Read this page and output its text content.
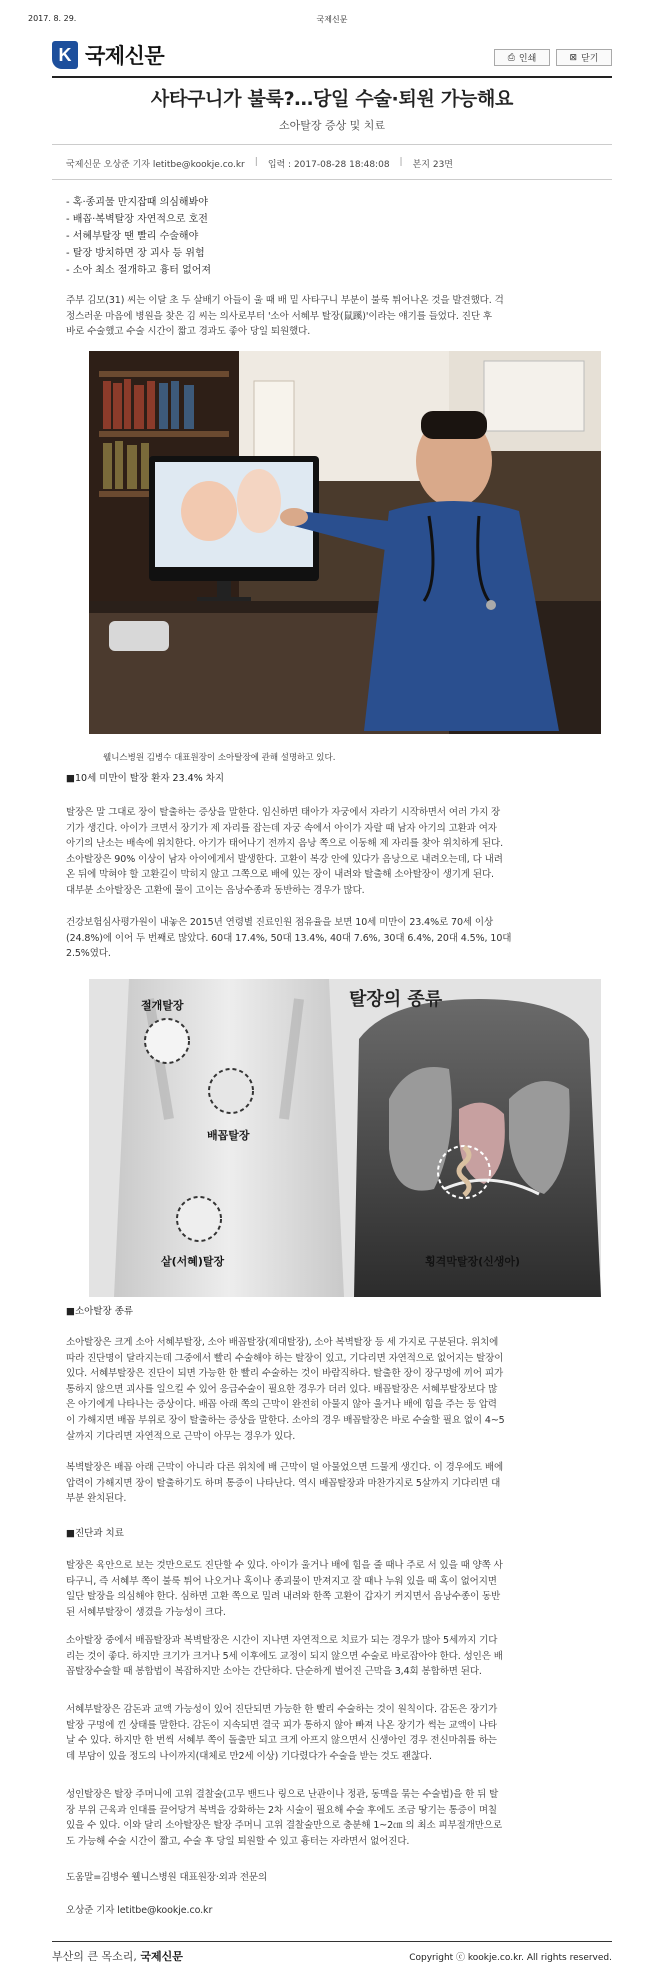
2017. 8. 29.	국제신문
K 국제신문	⎙ 인쇄	⊠ 닫기
사타구니가 불룩?…당일 수술·퇴원 가능해요
소아탈장 증상 및 치료
국제신문 오상준 기자 letitbe@kookje.co.kr | 입력 : 2017-08-28 18:48:08 | 본지 23면
- 혹·종괴물 만지잡때 의심해봐야
- 배꼽·복벽탈장 자연적으로 호전
- 서혜부탈장 땐 빨리 수술해야
- 탈장 방치하면 장 괴사 등 위험
- 소아 최소 절개하고 흉터 없어져
주부 김모(31) 씨는 이달 초 두 살배기 아들이 울 때 배 밑 사타구니 부분이 불룩 튀어나온 것을 발견했다. 걱
정스러운 마음에 병원을 찾은 김 씨는 의사로부터 '소아 서혜부 탈장(鼠蹊)'이라는 얘기를 들었다. 진단 후
바로 수술했고 수술 시간이 짧고 경과도 좋아 당일 퇴원했다.
웰니스병원 김병수 대표원장이 소아탈장에 관해 설명하고 있다.
■10세 미만이 탈장 환자 23.4% 차지
탈장은 말 그대로 장이 탈출하는 증상을 말한다. 임신하면 태아가 자궁에서 자라기 시작하면서 여러 가지 장
기가 생긴다. 아이가 크면서 장기가 제 자리를 잡는데 자궁 속에서 아이가 자랄 때 남자 아기의 고환과 여자
아기의 난소는 배속에 위치한다. 아기가 태어나기 전까지 음낭 쪽으로 이동해 제 자리를 찾아 위치하게 된다.
소아탈장은 90% 이상이 남자 아이에게서 발생한다. 고환이 복강 안에 있다가 음낭으로 내려오는데, 다 내려
온 뒤에 막혀야 할 고환길이 막히지 않고 그쪽으로 배에 있는 장이 내려와 탈출해 소아탈장이 생기게 된다.
대부분 소아탈장은 고환에 물이 고이는 음낭수종과 동반하는 경우가 많다.
건강보험심사평가원이 내놓은 2015년 연령별 진료인원 점유율을 보면 10세 미만이 23.4%로 70세 이상
(24.8%)에 이어 두 번째로 많았다. 60대 17.4%, 50대 13.4%, 40대 7.6%, 30대 6.4%, 20대 4.5%, 10대
2.5%였다.
탈장의 종류
절개탈장
배꼽탈장
샅(서혜)탈장	횡격막탈장(신생아)
■소아탈장 종류
소아탈장은 크게 소아 서혜부탈장, 소아 배꼽탈장(제대탈장), 소아 복벽탈장 등 세 가지로 구분된다. 위치에
따라 진단명이 달라지는데 그중에서 빨리 수술해야 하는 탈장이 있고, 기다리면 자연적으로 없어지는 탈장이
있다. 서혜부탈장은 진단이 되면 가능한 한 빨리 수술하는 것이 바람직하다. 탈출한 장이 장구멍에 끼어 피가
통하지 않으면 괴사를 일으킬 수 있어 응급수술이 필요한 경우가 더러 있다. 배꼽탈장은 서혜부탈장보다 많
은 아기에게 나타나는 증상이다. 배꼽 아래 쪽의 근막이 완전히 아물지 않아 울거나 배에 힘을 주는 등 압력
이 가해지면 배꼽 부위로 장이 탈출하는 증상을 말한다. 소아의 경우 배꼽탈장은 바로 수술할 필요 없이 4~5
살까지 기다리면 자연적으로 근막이 아무는 경우가 있다.
복벽탈장은 배꼽 아래 근막이 아니라 다른 위치에 배 근막이 덜 아물었으면 드물게 생긴다. 이 경우에도 배에
압력이 가해지면 장이 탈출하기도 하며 통증이 나타난다. 역시 배꼽탈장과 마찬가지로 5살까지 기다리면 대
부분 완치된다.
■진단과 치료
탈장은 육안으로 보는 것만으로도 진단할 수 있다. 아이가 울거나 배에 힘을 줄 때나 주로 서 있을 때 양쪽 사
타구니, 즉 서혜부 쪽이 불룩 튀어 나오거나 혹이나 종괴물이 만져지고 잘 때나 누워 있을 때 혹이 없어지면
일단 탈장을 의심해야 한다. 심하면 고환 쪽으로 밀려 내려와 한쪽 고환이 갑자기 커지면서 음낭수종이 동반
된 서혜부탈장이 생겼을 가능성이 크다.
소아탈장 중에서 배꼽탈장과 복벽탈장은 시간이 지나면 자연적으로 치료가 되는 경우가 많아 5세까지 기다
리는 것이 좋다. 하지만 크기가 크거나 5세 이후에도 교정이 되지 않으면 수술로 바로잡아야 한다. 성인은 배
꼽탈장수술할 때 봉합법이 복잡하지만 소아는 간단하다. 단순하게 벌어진 근막을 3,4회 봉합하면 된다.
서혜부탈장은 감돈과 교액 가능성이 있어 진단되면 가능한 한 빨리 수술하는 것이 원칙이다. 감돈은 장기가
탈장 구멍에 낀 상태를 말한다. 감돈이 지속되면 결국 피가 통하지 않아 빠져 나온 장기가 썩는 교액이 나타
날 수 있다. 하지만 한 번씩 서혜부 쪽이 돌출만 되고 크게 아프지 않으면서 신생아인 경우 전신마취를 하는
데 부담이 있을 정도의 나이까지(대체로 만2세 이상) 기다렸다가 수술을 받는 것도 괜찮다.
성인탈장은 탈장 주머니에 고위 결찰술(고무 밴드나 링으로 난관이나 정관, 동맥을 묶는 수술법)을 한 뒤 탈
장 부위 근육과 인대를 끌어당겨 복벽을 강화하는 2차 시술이 필요해 수술 후에도 조금 땅기는 통증이 며칠
있을 수 있다. 이와 달리 소아탈장은 탈장 주머니 고위 결찰술만으로 충분해 1~2㎝ 의 최소 피부절개만으로
도 가능해 수술 시간이 짧고, 수술 후 당일 퇴원할 수 있고 흉터는 자라면서 없어진다.
도움말=김병수 웰니스병원 대표원장·외과 전문의
오상준 기자 letitbe@kookje.co.kr
부산의 큰 목소리, 국제신문	Copyright ⓒ kookje.co.kr. All rights reserved.
